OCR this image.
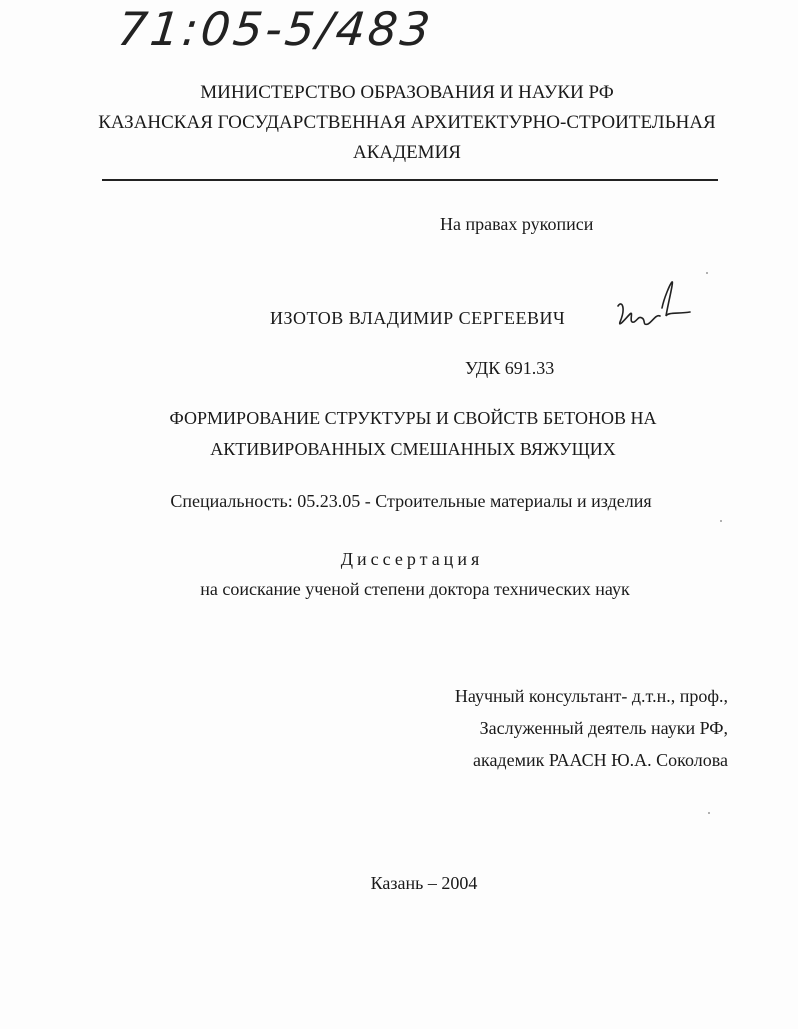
71:05-5/483
МИНИСТЕРСТВО ОБРАЗОВАНИЯ И НАУКИ РФ
КАЗАНСКАЯ ГОСУДАРСТВЕННАЯ АРХИТЕКТУРНО-СТРОИТЕЛЬНАЯ
АКАДЕМИЯ
На правах рукописи
ИЗОТОВ ВЛАДИМИР СЕРГЕЕВИЧ
УДК 691.33
ФОРМИРОВАНИЕ СТРУКТУРЫ И СВОЙСТВ БЕТОНОВ НА
АКТИВИРОВАННЫХ СМЕШАННЫХ ВЯЖУЩИХ
Специальность: 05.23.05 - Строительные материалы и изделия
Диссертация
на соискание ученой степени доктора технических наук
Научный консультант- д.т.н., проф.,
Заслуженный деятель науки РФ,
академик РААСН Ю.А. Соколова
Казань – 2004
